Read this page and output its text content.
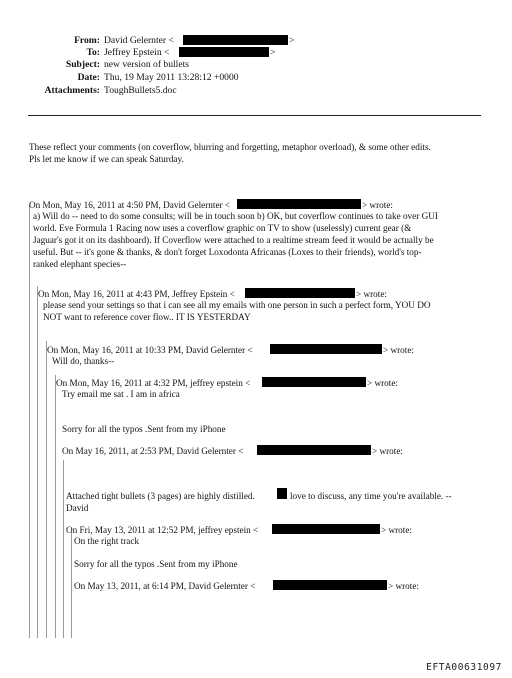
From: David Gelernter <	>
To: Jeffrey Epstein <	>
Subject: new version of bullets
Date: Thu, 19 May 2011 13:28:12 +0000
Attachments: ToughBullets5.doc
These reflect your comments (on coverflow, blurring and forgetting, metaphor overload), & some other edits.
Pls let me know if we can speak Saturday.
On Mon, May 16, 2011 at 4:50 PM, David Gelernter <	> wrote:
a) Will do -- need to do some consults; will be in touch soon b) OK, but coverflow continues to take over GUI
world. Eve Formula 1 Racing now uses a coverflow graphic on TV to show (uselessly) current gear (&
Jaguar's got it on its dashboard). If Coverflow were attached to a realtime stream feed it would be actually be
useful. But -- it's gone & thanks, & don't forget Loxodonta Africanas (Loxes to their friends), world's top-
ranked elephant species--
On Mon, May 16, 2011 at 4:43 PM, Jeffrey Epstein <	> wrote:
please send your settings so that i can see all my emails with one person in such a perfect form, YOU DO
NOT want to reference cover flow.. IT IS YESTERDAY
On Mon, May 16, 2011 at 10:33 PM, David Gelernter <	> wrote:
Will do, thanks--
On Mon, May 16, 2011 at 4:32 PM, jeffrey epstein <	> wrote:
Try email me sat . I am in africa
Sorry for all the typos .Sent from my iPhone
On May 16, 2011, at 2:53 PM, David Gelernter <	> wrote:
Attached tight bullets (3 pages) are highly distilled.	love to discuss, any time you're available. --
David
On Fri, May 13, 2011 at 12:52 PM, jeffrey epstein <	> wrote:
On the right track
Sorry for all the typos .Sent from my iPhone
On May 13, 2011, at 6:14 PM, David Gelernter <	> wrote:
EFTA00631097
